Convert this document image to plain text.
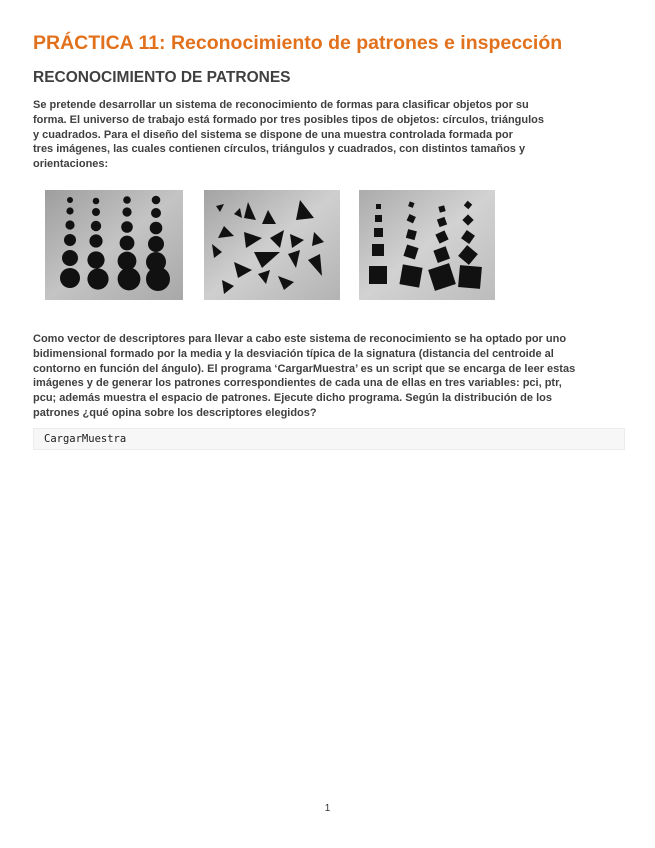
PRÁCTICA 11: Reconocimiento de patrones e inspección
RECONOCIMIENTO DE PATRONES

Se pretende desarrollar un sistema de reconocimiento de formas para clasificar objetos por su
forma. El universo de trabajo está formado por tres posibles tipos de objetos: círculos, triángulos
y cuadrados. Para el diseño del sistema se dispone de una muestra controlada formada por
tres imágenes, las cuales contienen círculos, triángulos y cuadrados, con distintos tamaños y
orientaciones:

Como vector de descriptores para llevar a cabo este sistema de reconocimiento se ha optado por uno
bidimensional formado por la media y la desviación típica de la signatura (distancia del centroide al
contorno en función del ángulo). El programa ‘CargarMuestra’ es un script que se encarga de leer estas
imágenes y de generar los patrones correspondientes de cada una de ellas en tres variables: pci, ptr,
pcu; además muestra el espacio de patrones. Ejecute dicho programa. Según la distribución de los
patrones ¿qué opina sobre los descriptores elegidos?

CargarMuestra
1
